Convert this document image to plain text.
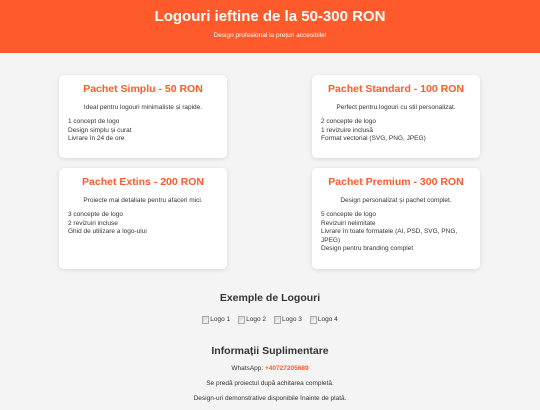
Logouri ieftine de la 50-300 RON

Design profesional la prețuri accesibile!

Pachet Simplu - 50 RON

Ideal pentru logouri minimaliste și rapide.

1 concept de logo
Design simplu și curat
Livrare în 24 de ore
Pachet Standard - 100 RON

Perfect pentru logouri cu stil personalizat.

2 concepte de logo
1 revizuire inclusă
Format vectorial (SVG, PNG, JPEG)
Pachet Extins - 200 RON

Proiecte mai detaliate pentru afaceri mici.

3 concepte de logo
2 revizuiri incluse
Ghid de utilizare a logo-ului
Pachet Premium - 300 RON

Design personalizat și pachet complet.

5 concepte de logo
Revizuiri nelimitate
Livrare în toate formatele (AI, PSD, SVG, PNG, JPEG)
Design pentru branding complet
Exemple de Logouri
Logo 1 Logo 2 Logo 3 Logo 4
Informații Suplimentare

WhatsApp: +40727205689

Se predă proiectul după achitarea completă.

Design-uri demonstrative disponibile înainte de plată.
